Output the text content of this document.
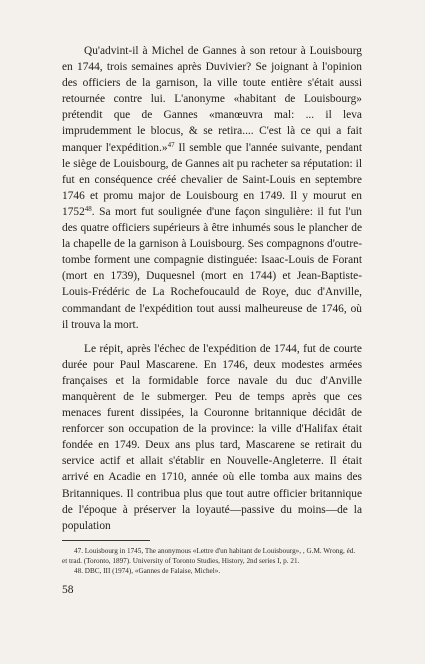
Qu'advint-il à Michel de Gannes à son retour à Louisbourg en 1744, trois semaines après Duvivier? Se joignant à l'opinion des officiers de la garnison, la ville toute entière s'était aussi retournée contre lui. L'anonyme «habitant de Louisbourg» prétendit que de Gannes «manœuvra mal: ... il leva imprudemment le blocus, & se retira.... C'est là ce qui a fait manquer l'expédition.»$^{47}$ Il semble que l'année suivante, pendant le siège de Louisbourg, de Gannes ait pu racheter sa réputation: il fut en conséquence créé chevalier de Saint-Louis en septembre 1746 et promu major de Louisbourg en 1749. Il y mourut en 1752$^{48}$. Sa mort fut soulignée d'une façon singulière: il fut l'un des quatre officiers supérieurs à être inhumés sous le plancher de la chapelle de la garnison à Louisbourg. Ses compagnons d'outre-tombe forment une compagnie distinguée: Isaac-Louis de Forant (mort en 1739), Duquesnel (mort en 1744) et Jean-Baptiste-Louis-Frédéric de La Rochefoucauld de Roye, duc d'Anville, commandant de l'expédition tout aussi malheureuse de 1746, où il trouva la mort.

Le répit, après l'échec de l'expédition de 1744, fut de courte durée pour Paul Mascarene. En 1746, deux modestes armées françaises et la formidable force navale du duc d'Anville manquèrent de le submerger. Peu de temps après que ces menaces furent dissipées, la Couronne britannique décidât de renforcer son occupation de la province: la ville d'Halifax était fondée en 1749. Deux ans plus tard, Mascarene se retirait du service actif et allait s'établir en Nouvelle-Angleterre. Il était arrivé en Acadie en 1710, année où elle tomba aux mains des Britanniques. Il contribua plus que tout autre officier britannique de l'époque à préserver la loyauté—passive du moins—de la population

47. Louisbourg in 1745, The anonymous «Lettre d'un habitant de Louisbourg», , G.M. Wrong, éd. et trad. (Toronto, 1897). University of Toronto Studies, History, 2nd series I, p. 21.

48. DBC, III (1974), «Gannes de Falaise, Michel».

58
